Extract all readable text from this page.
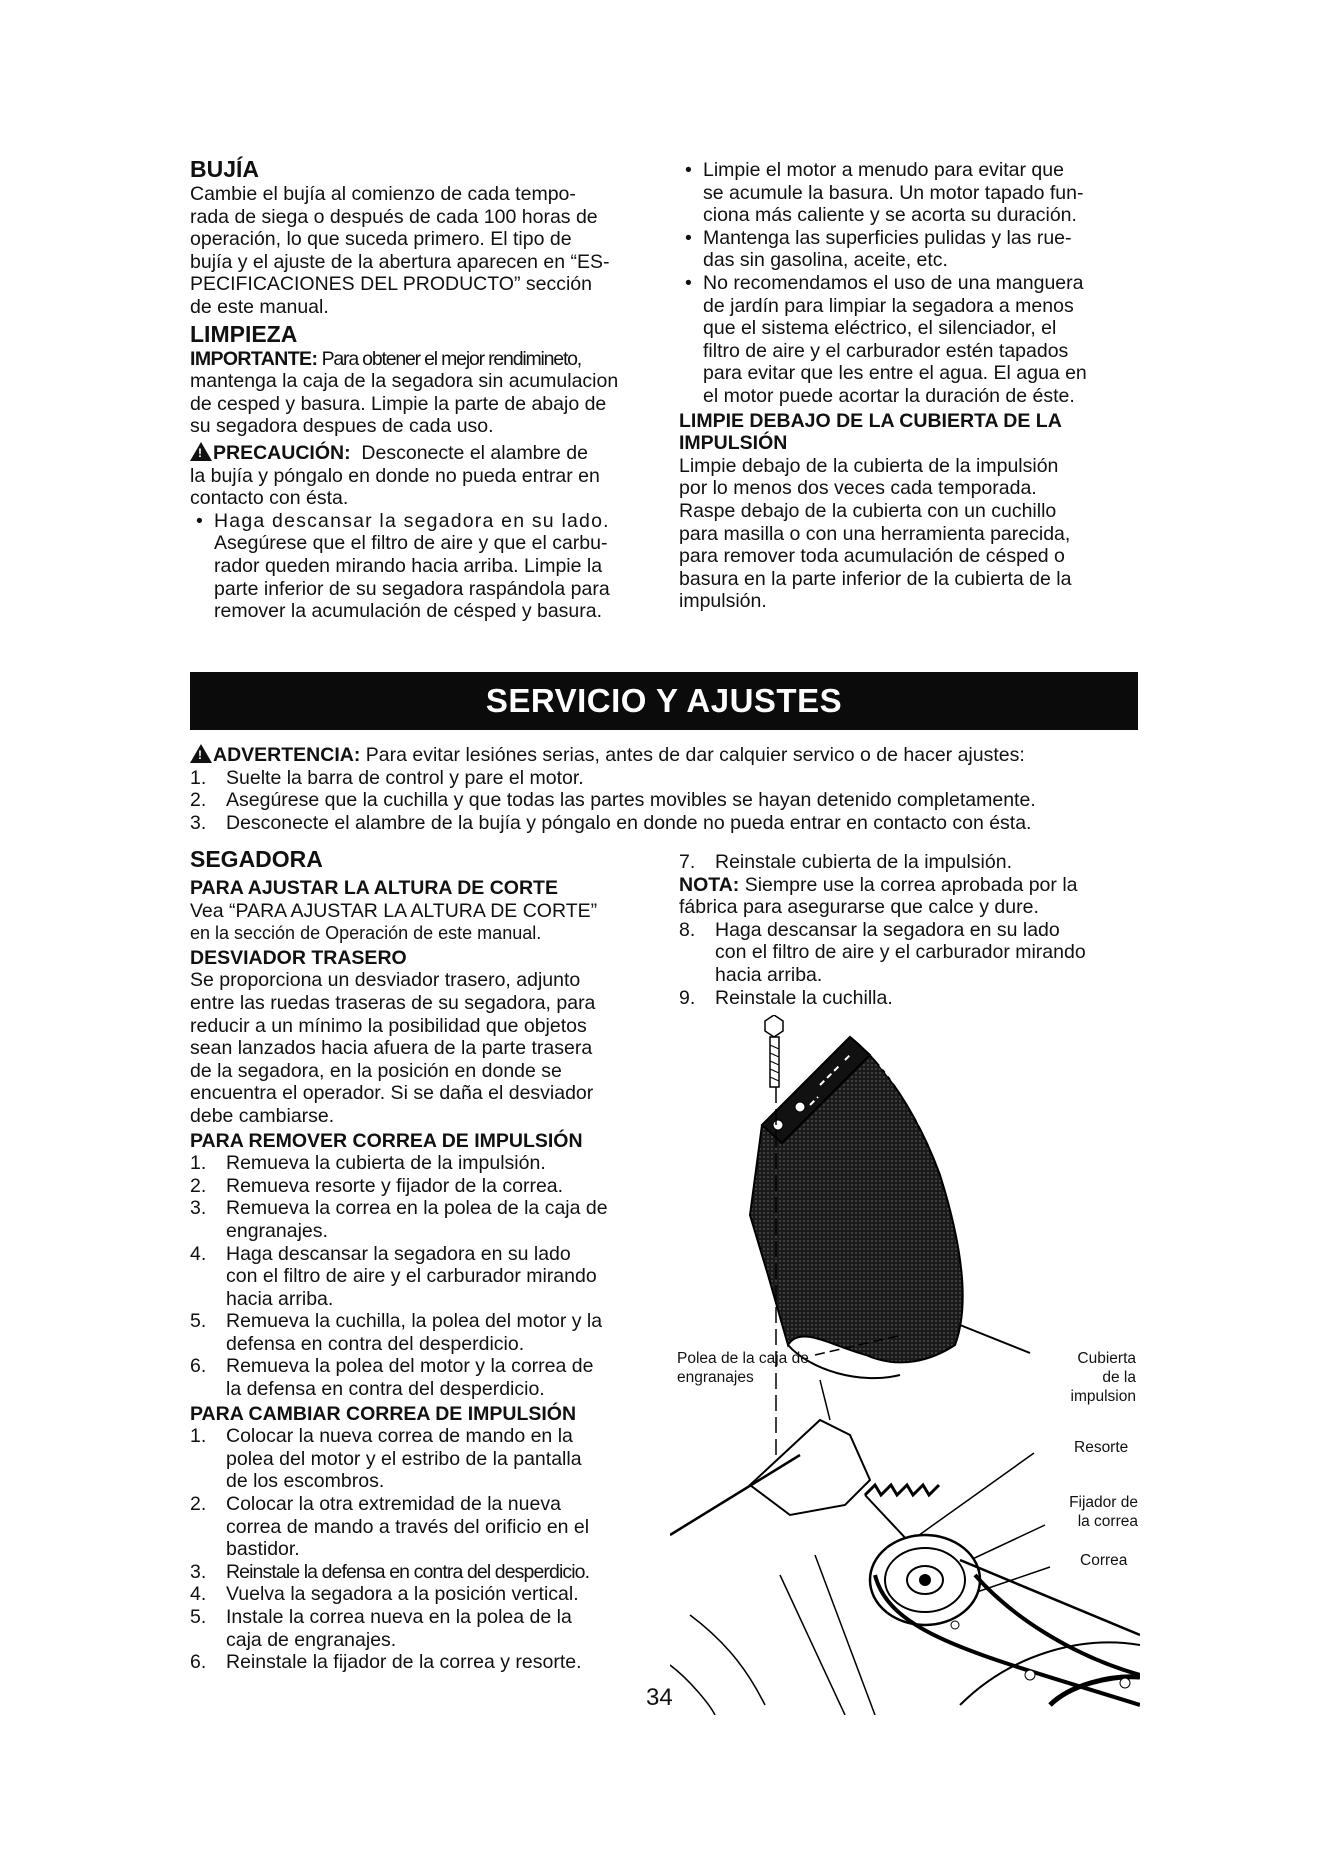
BUJÍA

Cambie el bujía al comienzo de cada tempo-

rada de siega o después de cada 100 horas de

operación, lo que suceda primero. El tipo de

bujía y el ajuste de la abertura aparecen en “ES-

PECIFICACIONES DEL PRODUCTO” sección

de este manual.

LIMPIEZA

IMPORTANTE: Para obtener el mejor rendimineto,

mantenga la caja de la segadora sin acumulacion

de cesped y basura. Limpie la parte de abajo de

su segadora despues de cada uso.

!PRECAUCIÓN:  Desconecte el alambre de

la bujía y póngalo en donde no pueda entrar en

contacto con ésta.

• Haga descansar la segadora en su lado.

Asegúrese que el filtro de aire y que el carbu-

rador queden mirando hacia arriba. Limpie la

parte inferior de su segadora raspándola para

remover la acumulación de césped y basura.

• Limpie el motor a menudo para evitar que

se acumule la basura. Un motor tapado fun-

ciona más caliente y se acorta su duración.

• Mantenga las superficies pulidas y las rue-

das sin gasolina, aceite, etc.

• No recomendamos el uso de una manguera

de jardín para limpiar la segadora a menos

que el sistema eléctrico, el silenciador, el

filtro de aire y el carburador estén tapados

para evitar que les entre el agua. El agua en

el motor puede acortar la duración de éste.

LIMPIE DEBAJO DE LA CUBIERTA DE LA

IMPULSIÓN

Limpie debajo de la cubierta de la impulsión

por lo menos dos veces cada temporada.

Raspe debajo de la cubierta con un cuchillo

para masilla o con una herramienta parecida,

para remover toda acumulación de césped o

basura en la parte inferior de la cubierta de la

impulsión.

SERVICIO Y AJUSTES

!ADVERTENCIA: Para evitar lesiónes serias, antes de dar calquier servico o de hacer ajustes:

1. Suelte la barra de control y pare el motor.
2. Asegúrese que la cuchilla y que todas las partes movibles se hayan detenido completamente.
3. Desconecte el alambre de la bujía y póngalo en donde no pueda entrar en contacto con ésta.

SEGADORA

PARA AJUSTAR LA ALTURA DE CORTE

Vea “PARA AJUSTAR LA ALTURA DE CORTE”

en la sección de Operación de este manual.

DESVIADOR TRASERO

Se proporciona un desviador trasero, adjunto

entre las ruedas traseras de su segadora, para

reducir a un mínimo la posibilidad que objetos

sean lanzados hacia afuera de la parte trasera

de la segadora, en la posición en donde se

encuentra el operador. Si se daña el desviador

debe cambiarse.

PARA REMOVER CORREA DE IMPULSIÓN

1. Remueva la cubierta de la impulsión.

2. Remueva resorte y fijador de la correa.

3. Remueva la correa en la polea de la caja de

engranajes.

4. Haga descansar la segadora en su lado

con el filtro de aire y el carburador mirando

hacia arriba.

5. Remueva la cuchilla, la polea del motor y la

defensa en contra del desperdicio.

6. Remueva la polea del motor y la correa de

la defensa en contra del desperdicio.

PARA CAMBIAR CORREA DE IMPULSIÓN

1. Colocar la nueva correa de mando en la

polea del motor y el estribo de la pantalla

de los escombros.

2. Colocar la otra extremidad de la nueva

correa de mando a través del orificio en el

bastidor.

3. Reinstale la defensa en contra del desperdicio.

4. Vuelva la segadora a la posición vertical.

5. Instale la correa nueva en la polea de la

caja de engranajes.

6. Reinstale la fijador de la correa y resorte.

7. Reinstale cubierta de la impulsión.

NOTA: Siempre use la correa aprobada por la

fábrica para asegurarse que calce y dure.

8. Haga descansar la segadora en su lado

con el filtro de aire y el carburador mirando

hacia arriba.

9. Reinstale la cuchilla.
Polea de la caja de
engranajes
Cubierta
de la
impulsion
Resorte
Fijador de
la correa
Correa
34
